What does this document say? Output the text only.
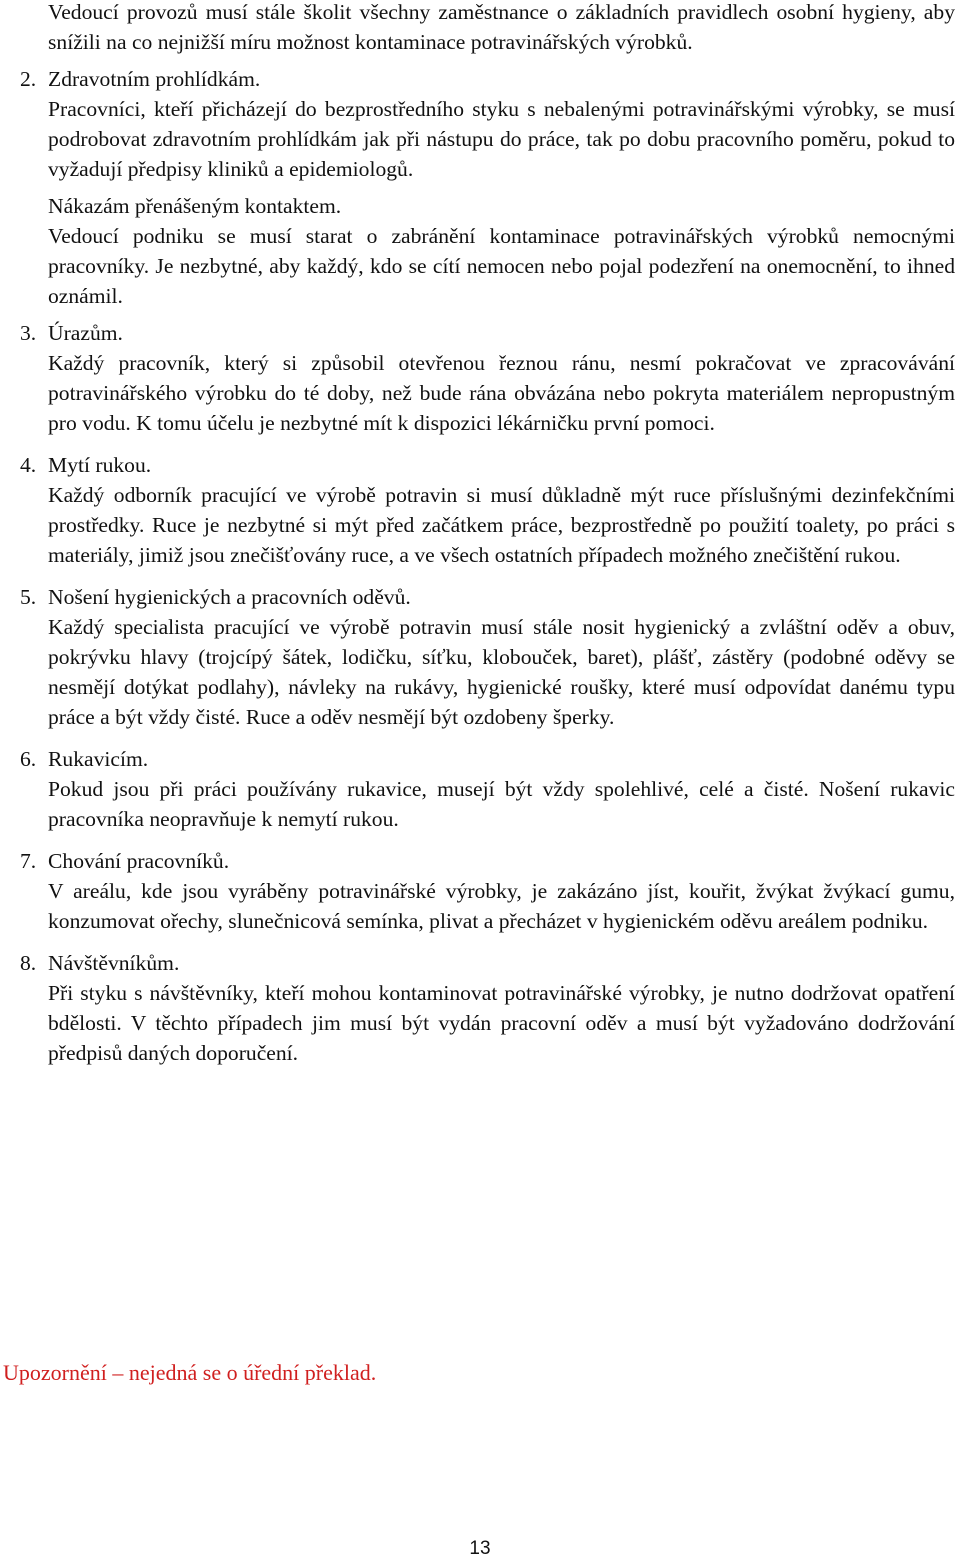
Vedoucí provozů musí stále školit všechny zaměstnance o základních pravidlech osobní hygieny, aby snížili na co nejnižší míru možnost kontaminace potravinářských výrobků.

2. Zdravotním prohlídkám.

Pracovníci, kteří přicházejí do bezprostředního styku s nebalenými potravinářskými výrobky, se musí podrobovat zdravotním prohlídkám jak při nástupu do práce, tak po dobu pracovního poměru, pokud to vyžadují předpisy kliniků a epidemiologů.

Nákazám přenášeným kontaktem.

Vedoucí podniku se musí starat o zabránění kontaminace potravinářských výrobků nemocnými pracovníky. Je nezbytné, aby každý, kdo se cítí nemocen nebo pojal podezření na onemocnění, to ihned oznámil.

3. Úrazům.

Každý pracovník, který si způsobil otevřenou řeznou ránu, nesmí pokračovat ve zpracovávání potravinářského výrobku do té doby, než bude rána obvázána nebo pokryta materiálem nepropustným pro vodu. K tomu účelu je nezbytné mít k dispozici lékárničku první pomoci.

4. Mytí rukou.

Každý odborník pracující ve výrobě potravin si musí důkladně mýt ruce příslušnými dezinfekčními prostředky. Ruce je nezbytné si mýt před začátkem práce, bezprostředně po použití toalety, po práci s materiály, jimiž jsou znečišťovány ruce, a ve všech ostatních případech možného znečištění rukou.

5. Nošení hygienických a pracovních oděvů.

Každý specialista pracující ve výrobě potravin musí stále nosit hygienický a zvláštní oděv a obuv, pokrývku hlavy (trojcípý šátek, lodičku, síťku, klobouček, baret), plášť, zástěry (podobné oděvy se nesmějí dotýkat podlahy), návleky na rukávy, hygienické roušky, které musí odpovídat danému typu práce a být vždy čisté. Ruce a oděv nesmějí být ozdobeny šperky.

6. Rukavicím.

Pokud jsou při práci používány rukavice, musejí být vždy spolehlivé, celé a čisté. Nošení rukavic pracovníka neopravňuje k nemytí rukou.

7. Chování pracovníků.

V areálu, kde jsou vyráběny potravinářské výrobky, je zakázáno jíst, kouřit, žvýkat žvýkací gumu, konzumovat ořechy, slunečnicová semínka, plivat a přecházet v hygienickém oděvu areálem podniku.

8. Návštěvníkům.

Při styku s návštěvníky, kteří mohou kontaminovat potravinářské výrobky, je nutno dodržovat opatření bdělosti. V těchto případech jim musí být vydán pracovní oděv a musí být vyžadováno dodržování předpisů daných doporučení.

Upozornění – nejedná se o úřední překlad.
13
